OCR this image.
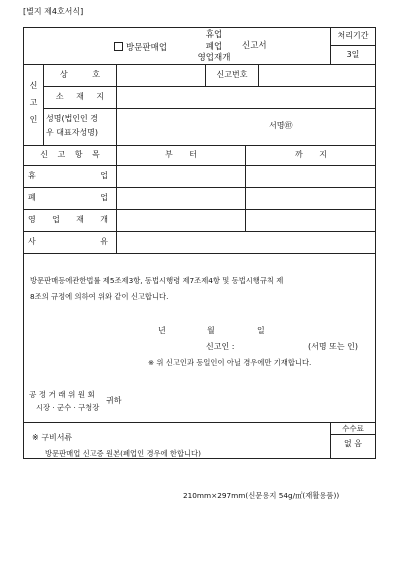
[별지 제4호서식]
방문판매업
휴업
폐업
영업재개
신고서
처리기간
3일
신
고
인
상 호	신고번호
소 재 지
성명(법인인 경
우 대표자성명)
서명㊞
신 고 항 목	부 터	까 지
휴 업
폐 업
영 업 재 개
사 유
방문판매등에관한법률 제5조제3항, 동법시행령 제7조제4항 및 동법시행규칙 제
8조의 규정에 의하여 위와 같이 신고합니다.
년	월	일
신고인 :	(서명 또는 인)
※ 위 신고인과 동일인이 아닐 경우에만 기재합니다.
공 정 거 래 위 원 회
시장 · 군수 · 구청장
귀하
※ 구비서류
방문판매업 신고증 원본(폐업인 경우에 한합니다)
수수료
없 음
210mm×297mm(신문용지 54g/㎡(재활용품))
